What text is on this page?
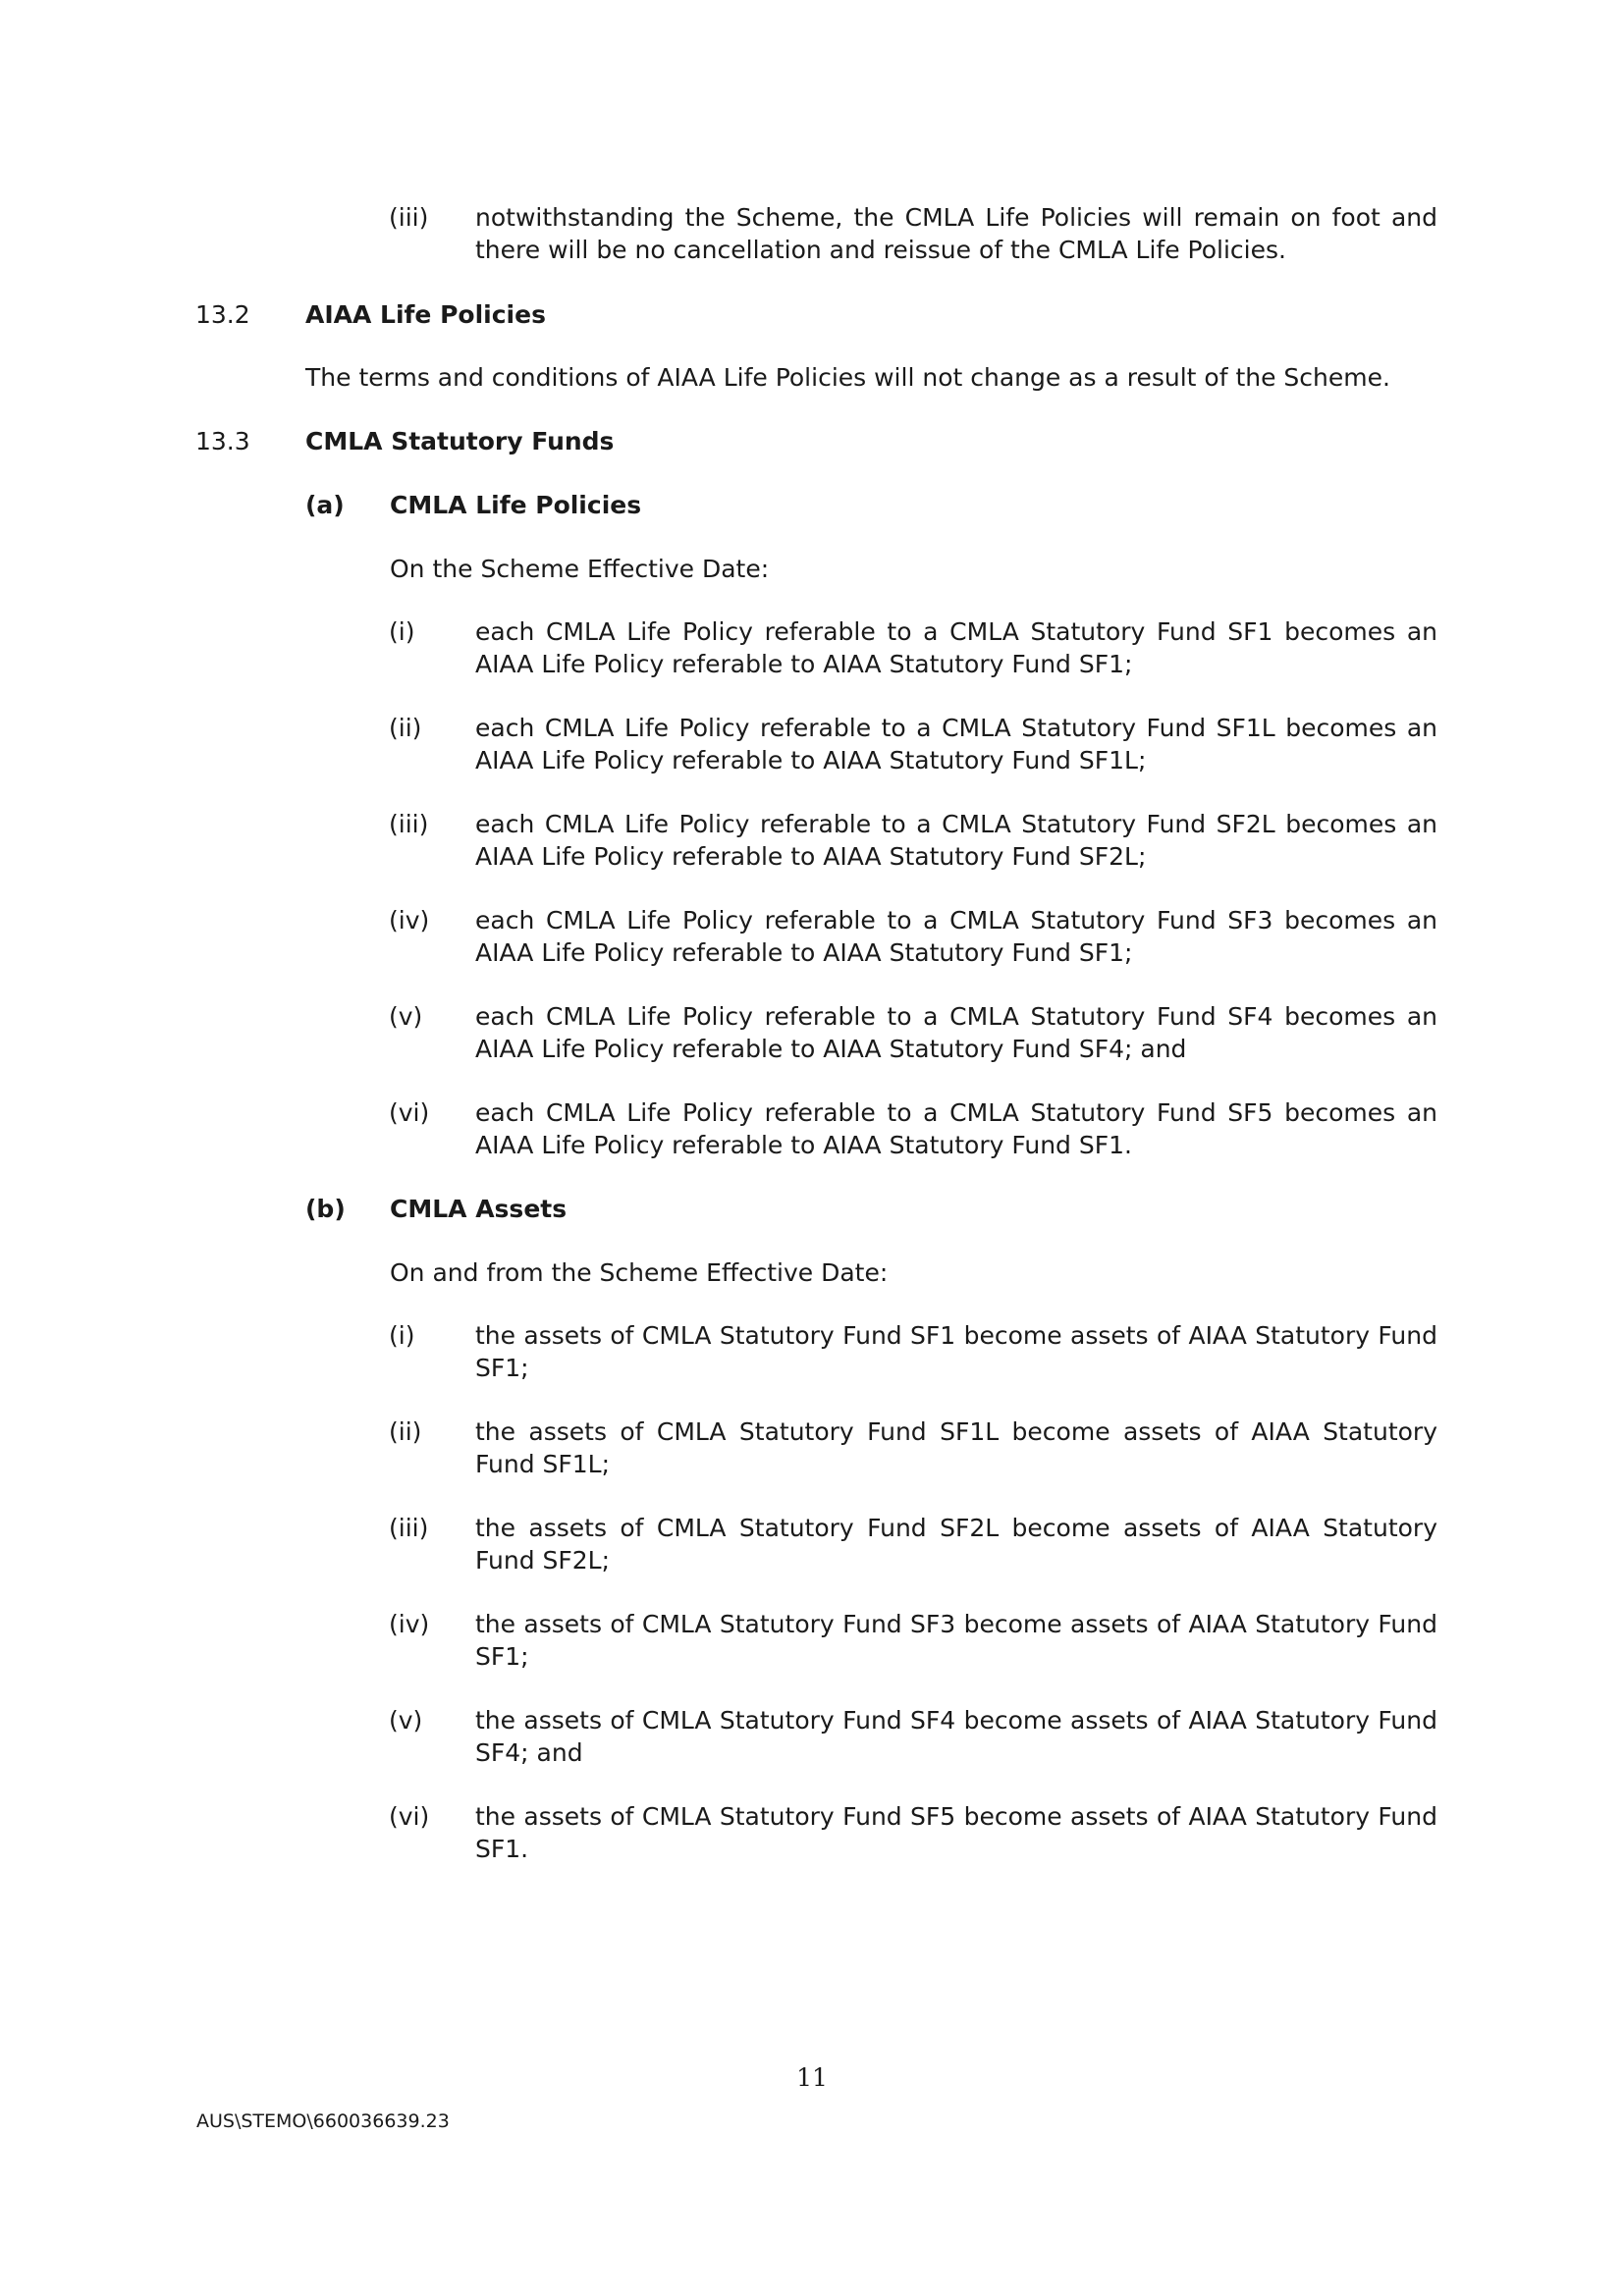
(iii) notwithstanding the Scheme, the CMLA Life Policies will remain on foot and there will be no cancellation and reissue of the CMLA Life Policies.
13.2 AIAA Life Policies
The terms and conditions of AIAA Life Policies will not change as a result of the Scheme.
13.3 CMLA Statutory Funds
(a) CMLA Life Policies
On the Scheme Effective Date:
(i) each CMLA Life Policy referable to a CMLA Statutory Fund SF1 becomes an AIAA Life Policy referable to AIAA Statutory Fund SF1;
(ii) each CMLA Life Policy referable to a CMLA Statutory Fund SF1L becomes an AIAA Life Policy referable to AIAA Statutory Fund SF1L;
(iii) each CMLA Life Policy referable to a CMLA Statutory Fund SF2L becomes an AIAA Life Policy referable to AIAA Statutory Fund SF2L;
(iv) each CMLA Life Policy referable to a CMLA Statutory Fund SF3 becomes an AIAA Life Policy referable to AIAA Statutory Fund SF1;
(v) each CMLA Life Policy referable to a CMLA Statutory Fund SF4 becomes an AIAA Life Policy referable to AIAA Statutory Fund SF4; and
(vi) each CMLA Life Policy referable to a CMLA Statutory Fund SF5 becomes an AIAA Life Policy referable to AIAA Statutory Fund SF1.
(b) CMLA Assets
On and from the Scheme Effective Date:
(i) the assets of CMLA Statutory Fund SF1 become assets of AIAA Statutory Fund SF1;
(ii) the assets of CMLA Statutory Fund SF1L become assets of AIAA Statutory Fund SF1L;
(iii) the assets of CMLA Statutory Fund SF2L become assets of AIAA Statutory Fund SF2L;
(iv) the assets of CMLA Statutory Fund SF3 become assets of AIAA Statutory Fund SF1;
(v) the assets of CMLA Statutory Fund SF4 become assets of AIAA Statutory Fund SF4; and
(vi) the assets of CMLA Statutory Fund SF5 become assets of AIAA Statutory Fund SF1.
11
AUS\STEMO\660036639.23
